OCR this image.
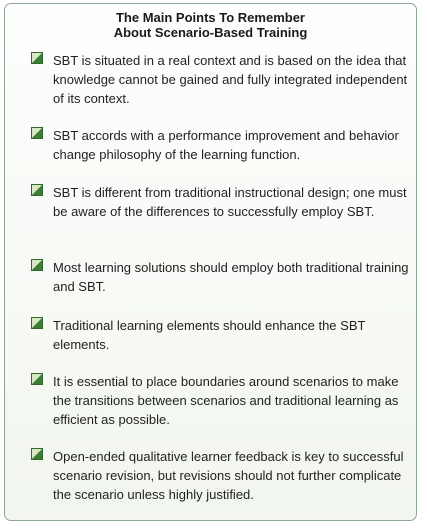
The Main Points To Remember
About Scenario-Based Training

SBT is situated in a real context and is based on the idea that knowledge cannot be gained and fully integrated independent of its context.

SBT accords with a performance improvement and behavior change philosophy of the learning function.

SBT is different from traditional instructional design; one must be aware of the differences to successfully employ SBT.

Most learning solutions should employ both traditional training and SBT.

Traditional learning elements should enhance the SBT elements.

It is essential to place boundaries around scenarios to make the transitions between scenarios and traditional learning as efficient as possible.

Open-ended qualitative learner feedback is key to successful scenario revision, but revisions should not further complicate the scenario unless highly justified.
